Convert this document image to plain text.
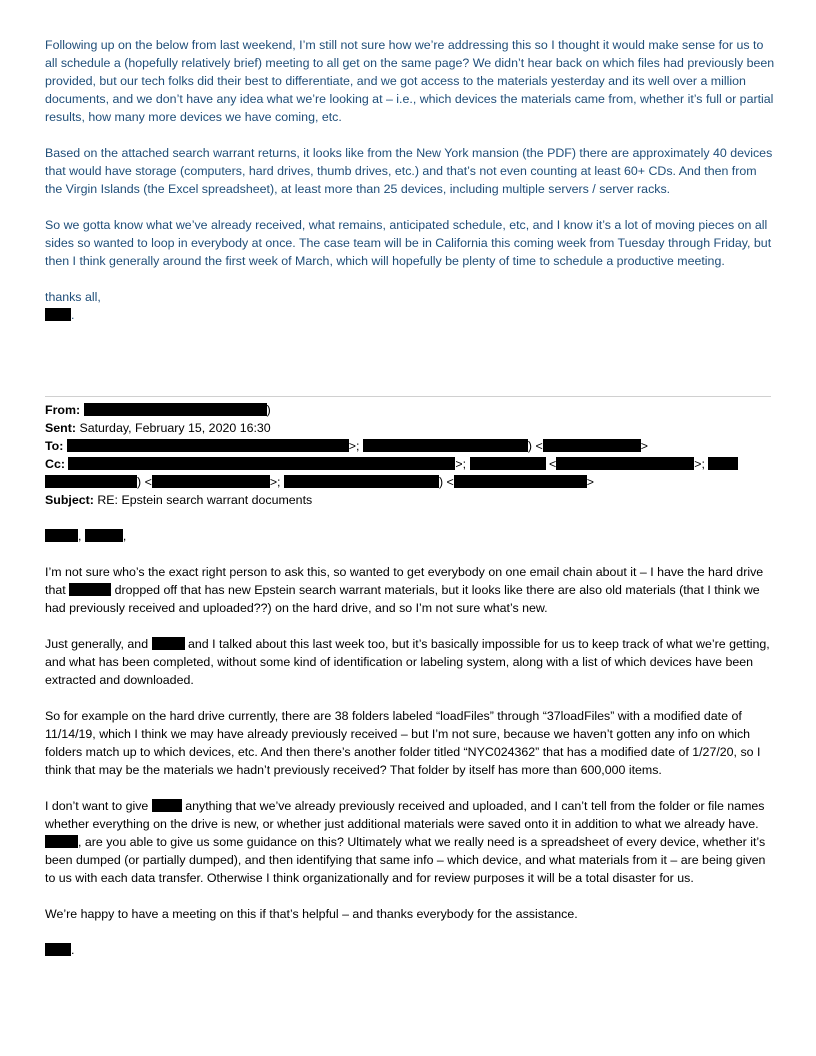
Following up on the below from last weekend, I’m still not sure how we’re addressing this so I thought it would make sense for us to all schedule a (hopefully relatively brief) meeting to all get on the same page? We didn’t hear back on which files had previously been provided, but our tech folks did their best to differentiate, and we got access to the materials yesterday and its well over a million documents, and we don’t have any idea what we’re looking at – i.e., which devices the materials came from, whether it’s full or partial results, how many more devices we have coming, etc.

Based on the attached search warrant returns, it looks like from the New York mansion (the PDF) there are approximately 40 devices that would have storage (computers, hard drives, thumb drives, etc.) and that’s not even counting at least 60+ CDs. And then from the Virgin Islands (the Excel spreadsheet), at least more than 25 devices, including multiple servers / server racks.

So we gotta know what we’ve already received, what remains, anticipated schedule, etc, and I know it’s a lot of moving pieces on all sides so wanted to loop in everybody at once. The case team will be in California this coming week from Tuesday through Friday, but then I think generally around the first week of March, which will hopefully be plenty of time to schedule a productive meeting.

thanks all,

.
From:	)
Sent: Saturday, February 15, 2020 16:30
To:	>;	) <	>
Cc:	>;	<	>;
) <	>;	) <	>
Subject: RE: Epstein search warrant documents

,	,

I’m not sure who’s the exact right person to ask this, so wanted to get everybody on one email chain about it – I have the hard drive that	dropped off that has new Epstein search warrant materials, but it looks like there are also old materials (that I think we had previously received and uploaded??) on the hard drive, and so I’m not sure what’s new.

Just generally, and	and I talked about this last week too, but it’s basically impossible for us to keep track of what we’re getting, and what has been completed, without some kind of identification or labeling system, along with a list of which devices have been extracted and downloaded.

So for example on the hard drive currently, there are 38 folders labeled “loadFiles” through “37loadFiles” with a modified date of 11/14/19, which I think we may have already previously received – but I’m not sure, because we haven’t gotten any info on which folders match up to which devices, etc. And then there’s another folder titled “NYC024362” that has a modified date of 1/27/20, so I think that may be the materials we hadn’t previously received? That folder by itself has more than 600,000 items.

I don’t want to give	anything that we’ve already previously received and uploaded, and I can’t tell from the folder or file names whether everything on the drive is new, or whether just additional materials were saved onto it in addition to what we already have. , are you able to give us some guidance on this? Ultimately what we really need is a spreadsheet of every device, whether it’s been dumped (or partially dumped), and then identifying that same info – which device, and what materials from it – are being given to us with each data transfer. Otherwise I think organizationally and for review purposes it will be a total disaster for us.

We’re happy to have a meeting on this if that’s helpful – and thanks everybody for the assistance.

.
